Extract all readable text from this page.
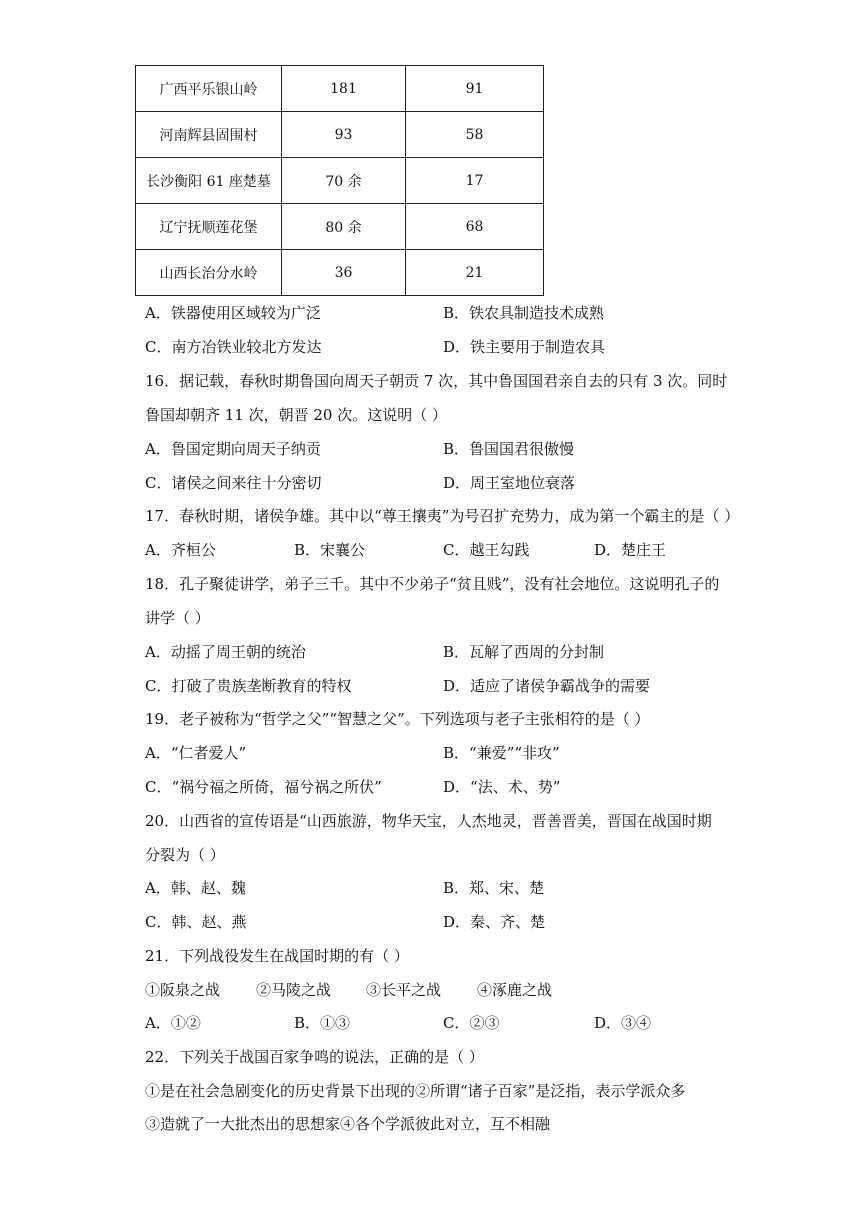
广西平乐银山岭	181	91
河南辉县固围村	93	58
长沙衡阳 61 座楚墓	70 余	17
辽宁抚顺莲花堡	80 余	68
山西长治分水岭	36	21
A．铁器使用区域较为广泛	B．铁农具制造技术成熟
C．南方冶铁业较北方发达	D．铁主要用于制造农具
16．据记载，春秋时期鲁国向周天子朝贡 7 次，其中鲁国国君亲自去的只有 3 次。同时
鲁国却朝齐 11 次，朝晋 20 次。这说明（ ）
A．鲁国定期向周天子纳贡	B．鲁国国君很傲慢
C．诸侯之间来往十分密切	D．周王室地位衰落
17．春秋时期，诸侯争雄。其中以“尊王攘夷”为号召扩充势力，成为第一个霸主的是（ ）
A．齐桓公	B．宋襄公	C．越王勾践	D．楚庄王
18．孔子聚徒讲学，弟子三千。其中不少弟子“贫且贱”，没有社会地位。这说明孔子的
讲学（ ）
A．动摇了周王朝的统治	B．瓦解了西周的分封制
C．打破了贵族垄断教育的特权	D．适应了诸侯争霸战争的需要
19．老子被称为“哲学之父”“智慧之父”。下列选项与老子主张相符的是（ ）
A．“仁者爱人”	B．“兼爱”“非攻”
C．“祸兮福之所倚，福兮祸之所伏”	D．“法、术、势”
20．山西省的宣传语是“山西旅游，物华天宝，人杰地灵，晋善晋美，晋国在战国时期
分裂为（ ）
A．韩、赵、魏	B．郑、宋、楚
C．韩、赵、燕	D．秦、齐、楚
21．下列战役发生在战国时期的有（ ）
①阪泉之战 ②马陵之战 ③长平之战 ④涿鹿之战
A．①②	B．①③	C．②③	D．③④
22．下列关于战国百家争鸣的说法，正确的是（ ）
①是在社会急剧变化的历史背景下出现的②所谓“诸子百家”是泛指，表示学派众多
③造就了一大批杰出的思想家④各个学派彼此对立，互不相融
